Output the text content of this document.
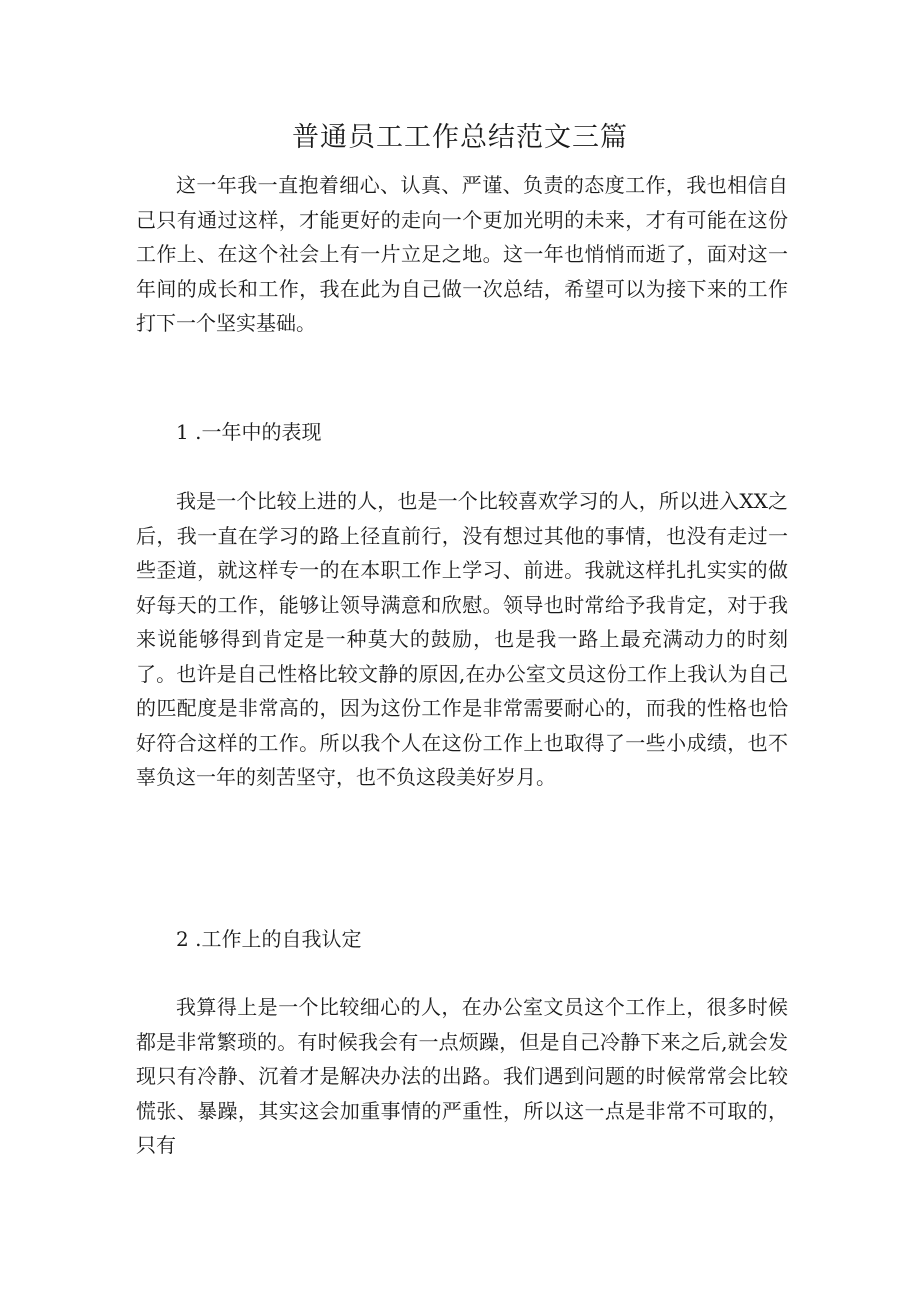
普通员工工作总结范文三篇

这一年我一直抱着细心、认真、严谨、负责的态度工作，我也相信自己只有通过这样，才能更好的走向一个更加光明的未来，才有可能在这份工作上、在这个社会上有一片立足之地。这一年也悄悄而逝了，面对这一年间的成长和工作，我在此为自己做一次总结，希望可以为接下来的工作打下一个坚实基础。

1 .一年中的表现

我是一个比较上进的人，也是一个比较喜欢学习的人，所以进入XX之后，我一直在学习的路上径直前行，没有想过其他的事情，也没有走过一些歪道，就这样专一的在本职工作上学习、前进。我就这样扎扎实实的做好每天的工作，能够让领导满意和欣慰。领导也时常给予我肯定，对于我来说能够得到肯定是一种莫大的鼓励，也是我一路上最充满动力的时刻了。也许是自己性格比较文静的原因,在办公室文员这份工作上我认为自己的匹配度是非常高的，因为这份工作是非常需要耐心的，而我的性格也恰好符合这样的工作。所以我个人在这份工作上也取得了一些小成绩，也不辜负这一年的刻苦坚守，也不负这段美好岁月。

2 .工作上的自我认定

我算得上是一个比较细心的人，在办公室文员这个工作上，很多时候都是非常繁琐的。有时候我会有一点烦躁，但是自己冷静下来之后,就会发现只有冷静、沉着才是解决办法的出路。我们遇到问题的时候常常会比较慌张、暴躁，其实这会加重事情的严重性，所以这一点是非常不可取的，只有
